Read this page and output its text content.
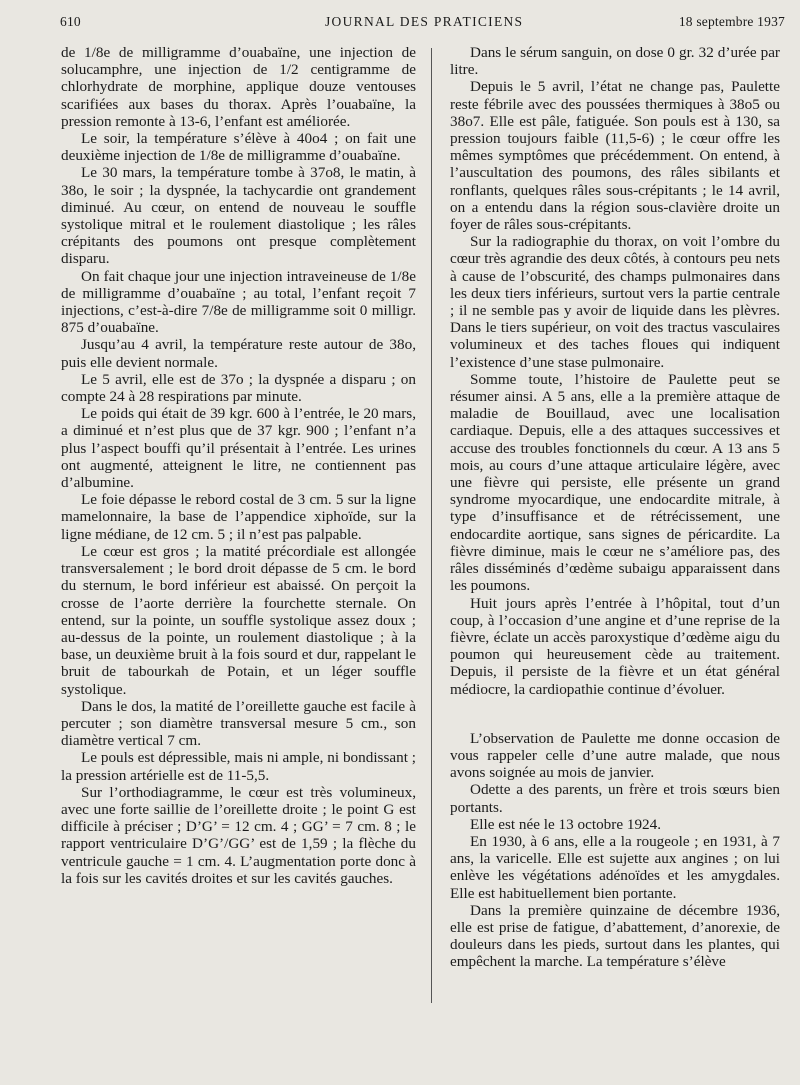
610	JOURNAL DES PRATICIENS	18 septembre 1937

de 1/8e de milligramme d’ouabaïne, une injection de solucamphre, une injection de 1/2 centigramme de chlorhydrate de morphine, applique douze ventouses scarifiées aux bases du thorax. Après l’ouabaïne, la pression remonte à 13-6, l’enfant est améliorée.

Le soir, la température s’élève à 40o4 ; on fait une deuxième injection de 1/8e de milligramme d’ouabaïne.

Le 30 mars, la température tombe à 37o8, le matin, à 38o, le soir ; la dyspnée, la tachycardie ont grandement diminué. Au cœur, on entend de nouveau le souffle systolique mitral et le roulement diastolique ; les râles crépitants des poumons ont presque complètement disparu.

On fait chaque jour une injection intraveineuse de 1/8e de milligramme d’ouabaïne ; au total, l’enfant reçoit 7 injections, c’est-à-dire 7/8e de milligramme soit 0 milligr. 875 d’ouabaïne.

Jusqu’au 4 avril, la température reste autour de 38o, puis elle devient normale.

Le 5 avril, elle est de 37o ; la dyspnée a disparu ; on compte 24 à 28 respirations par minute.

Le poids qui était de 39 kgr. 600 à l’entrée, le 20 mars, a diminué et n’est plus que de 37 kgr. 900 ; l’enfant n’a plus l’aspect bouffi qu’il présentait à l’entrée. Les urines ont augmenté, atteignent le litre, ne contiennent pas d’albumine.

Le foie dépasse le rebord costal de 3 cm. 5 sur la ligne mamelonnaire, la base de l’appendice xiphoïde, sur la ligne médiane, de 12 cm. 5 ; il n’est pas palpable.

Le cœur est gros ; la matité précordiale est allongée transversalement ; le bord droit dépasse de 5 cm. le bord du sternum, le bord inférieur est abaissé. On perçoit la crosse de l’aorte derrière la fourchette sternale. On entend, sur la pointe, un souffle systolique assez doux ; au-dessus de la pointe, un roulement diastolique ; à la base, un deuxième bruit à la fois sourd et dur, rappelant le bruit de tabourkah de Potain, et un léger souffle systolique.

Dans le dos, la matité de l’oreillette gauche est facile à percuter ; son diamètre transversal mesure 5 cm., son diamètre vertical 7 cm.

Le pouls est dépressible, mais ni ample, ni bondissant ; la pression artérielle est de 11-5,5.

Sur l’orthodiagramme, le cœur est très volumineux, avec une forte saillie de l’oreillette droite ; le point G est difficile à préciser ; D’G’ = 12 cm. 4 ; GG’ = 7 cm. 8 ; le rapport ventriculaire D’G’/GG’ est de 1,59 ; la flèche du ventricule gauche = 1 cm. 4. L’augmentation porte donc à la fois sur les cavités droites et sur les cavités gauches.

Dans le sérum sanguin, on dose 0 gr. 32 d’urée par litre.

Depuis le 5 avril, l’état ne change pas, Paulette reste fébrile avec des poussées thermiques à 38o5 ou 38o7. Elle est pâle, fatiguée. Son pouls est à 130, sa pression toujours faible (11,5-6) ; le cœur offre les mêmes symptômes que précédemment. On entend, à l’auscultation des poumons, des râles sibilants et ronflants, quelques râles sous-crépitants ; le 14 avril, on a entendu dans la région sous-clavière droite un foyer de râles sous-crépitants.

Sur la radiographie du thorax, on voit l’ombre du cœur très agrandie des deux côtés, à contours peu nets à cause de l’obscurité, des champs pulmonaires dans les deux tiers inférieurs, surtout vers la partie centrale ; il ne semble pas y avoir de liquide dans les plèvres. Dans le tiers supérieur, on voit des tractus vasculaires volumineux et des taches floues qui indiquent l’existence d’une stase pulmonaire.

Somme toute, l’histoire de Paulette peut se résumer ainsi. A 5 ans, elle a la première attaque de maladie de Bouillaud, avec une localisation cardiaque. Depuis, elle a des attaques successives et accuse des troubles fonctionnels du cœur. A 13 ans 5 mois, au cours d’une attaque articulaire légère, avec une fièvre qui persiste, elle présente un grand syndrome myocardique, une endocardite mitrale, à type d’insuffisance et de rétrécissement, une endocardite aortique, sans signes de péricardite. La fièvre diminue, mais le cœur ne s’améliore pas, des râles disséminés d’œdème subaigu apparaissent dans les poumons.

Huit jours après l’entrée à l’hôpital, tout d’un coup, à l’occasion d’une angine et d’une reprise de la fièvre, éclate un accès paroxystique d’œdème aigu du poumon qui heureusement cède au traitement. Depuis, il persiste de la fièvre et un état général médiocre, la cardiopathie continue d’évoluer.

L’observation de Paulette me donne occasion de vous rappeler celle d’une autre malade, que nous avons soignée au mois de janvier.

Odette a des parents, un frère et trois sœurs bien portants.

Elle est née le 13 octobre 1924.

En 1930, à 6 ans, elle a la rougeole ; en 1931, à 7 ans, la varicelle. Elle est sujette aux angines ; on lui enlève les végétations adénoïdes et les amygdales. Elle est habituellement bien portante.

Dans la première quinzaine de décembre 1936, elle est prise de fatigue, d’abattement, d’anorexie, de douleurs dans les pieds, surtout dans les plantes, qui empêchent la marche. La température s’élève
